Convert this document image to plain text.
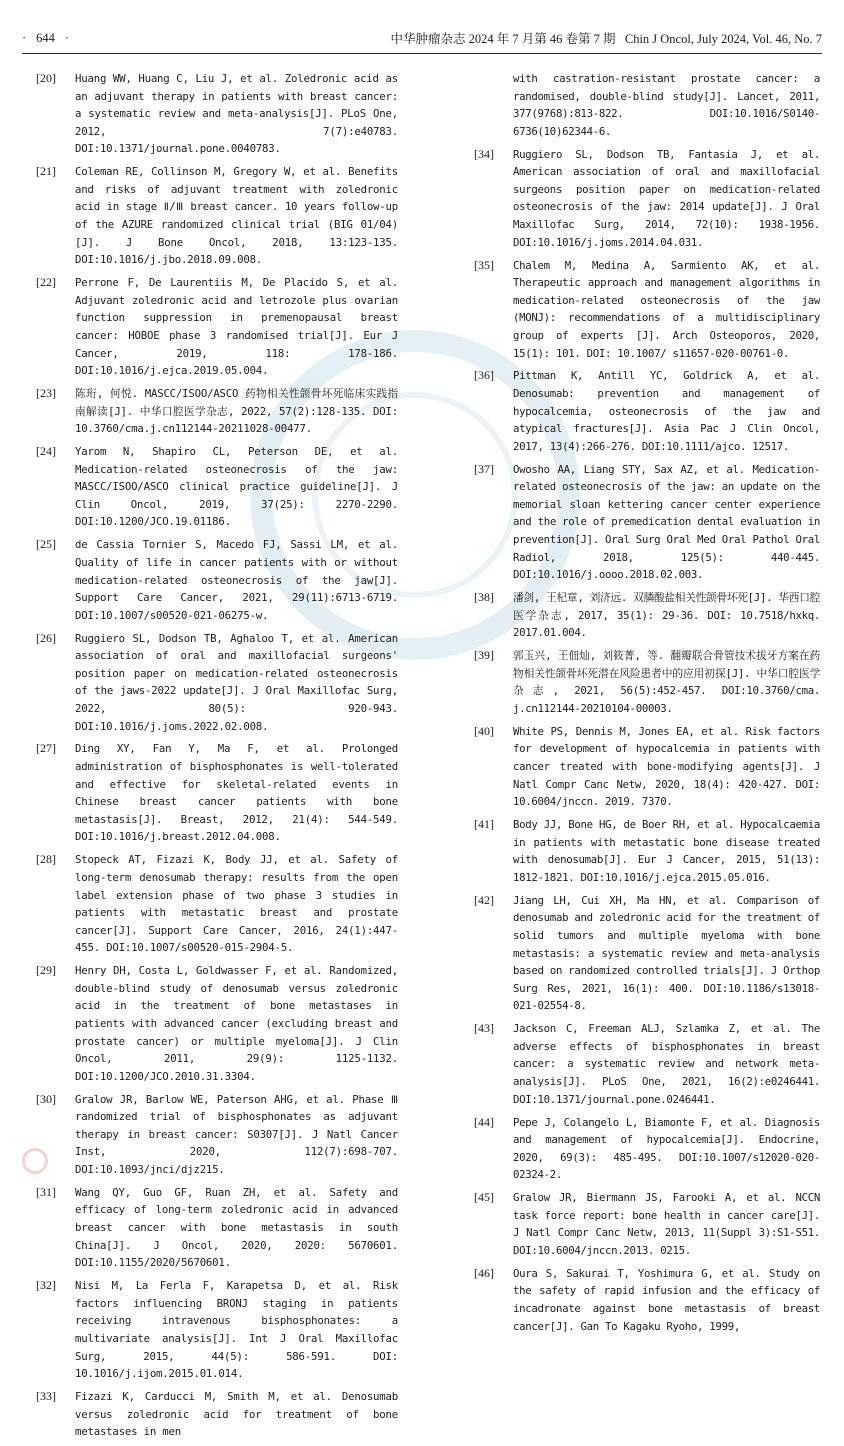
· 644 ·	中华肿瘤杂志 2024 年 7 月第 46 卷第 7 期 Chin J Oncol, July 2024, Vol. 46, No. 7
[20]	Huang WW, Huang C, Liu J, et al. Zoledronic acid as an adjuvant therapy in patients with breast cancer: a systematic review and meta-analysis[J]. PLoS One, 2012, 7(7):e40783. DOI:10.1371/journal.pone.0040783.
[21]	Coleman RE, Collinson M, Gregory W, et al. Benefits and risks of adjuvant treatment with zoledronic acid in stage Ⅱ/Ⅲ breast cancer. 10 years follow-up of the AZURE randomized clinical trial (BIG 01/04) [J]. J Bone Oncol, 2018, 13:123-135. DOI:10.1016/j.jbo.2018.09.008.
[22]	Perrone F, De Laurentiis M, De Placido S, et al. Adjuvant zoledronic acid and letrozole plus ovarian function suppression in premenopausal breast cancer: HOBOE phase 3 randomised trial[J]. Eur J Cancer, 2019, 118: 178-186. DOI:10.1016/j.ejca.2019.05.004.
[23]	陈珩, 何悦. MASCC/ISOO/ASCO 药物相关性颌骨坏死临床实践指南解读[J]. 中华口腔医学杂志, 2022, 57(2):128-135. DOI: 10.3760/cma.j.cn112144-20211028-00477.
[24]	Yarom N, Shapiro CL, Peterson DE, et al. Medication-related osteonecrosis of the jaw: MASCC/ISOO/ASCO clinical practice guideline[J]. J Clin Oncol, 2019, 37(25): 2270-2290. DOI:10.1200/JCO.19.01186.
[25]	de Cassia Tornier S, Macedo FJ, Sassi LM, et al. Quality of life in cancer patients with or without medication-related osteonecrosis of the jaw[J]. Support Care Cancer, 2021, 29(11):6713-6719. DOI:10.1007/s00520-021-06275-w.
[26]	Ruggiero SL, Dodson TB, Aghaloo T, et al. American association of oral and maxillofacial surgeons' position paper on medication-related osteonecrosis of the jaws-2022 update[J]. J Oral Maxillofac Surg, 2022, 80(5): 920-943. DOI:10.1016/j.joms.2022.02.008.
[27]	Ding XY, Fan Y, Ma F, et al. Prolonged administration of bisphosphonates is well-tolerated and effective for skeletal-related events in Chinese breast cancer patients with bone metastasis[J]. Breast, 2012, 21(4): 544-549. DOI:10.1016/j.breast.2012.04.008.
[28]	Stopeck AT, Fizazi K, Body JJ, et al. Safety of long-term denosumab therapy: results from the open label extension phase of two phase 3 studies in patients with metastatic breast and prostate cancer[J]. Support Care Cancer, 2016, 24(1):447-455. DOI:10.1007/s00520-015-2904-5.
[29]	Henry DH, Costa L, Goldwasser F, et al. Randomized, double-blind study of denosumab versus zoledronic acid in the treatment of bone metastases in patients with advanced cancer (excluding breast and prostate cancer) or multiple myeloma[J]. J Clin Oncol, 2011, 29(9): 1125-1132. DOI:10.1200/JCO.2010.31.3304.
[30]	Gralow JR, Barlow WE, Paterson AHG, et al. Phase Ⅲ randomized trial of bisphosphonates as adjuvant therapy in breast cancer: S0307[J]. J Natl Cancer Inst, 2020, 112(7):698-707. DOI:10.1093/jnci/djz215.
[31]	Wang QY, Guo GF, Ruan ZH, et al. Safety and efficacy of long-term zoledronic acid in advanced breast cancer with bone metastasis in south China[J]. J Oncol, 2020, 2020: 5670601. DOI:10.1155/2020/5670601.
[32]	Nisi M, La Ferla F, Karapetsa D, et al. Risk factors influencing BRONJ staging in patients receiving intravenous bisphosphonates: a multivariate analysis[J]. Int J Oral Maxillofac Surg, 2015, 44(5): 586-591. DOI: 10.1016/j.ijom.2015.01.014.
[33]	Fizazi K, Carducci M, Smith M, et al. Denosumab versus zoledronic acid for treatment of bone metastases in men
with castration-resistant prostate cancer: a randomised, double-blind study[J]. Lancet, 2011, 377(9768):813-822. DOI:10.1016/S0140-6736(10)62344-6.
[34]	Ruggiero SL, Dodson TB, Fantasia J, et al. American association of oral and maxillofacial surgeons position paper on medication-related osteonecrosis of the jaw: 2014 update[J]. J Oral Maxillofac Surg, 2014, 72(10): 1938-1956. DOI:10.1016/j.joms.2014.04.031.
[35]	Chalem M, Medina A, Sarmiento AK, et al. Therapeutic approach and management algorithms in medication-related osteonecrosis of the jaw (MONJ): recommendations of a multidisciplinary group of experts [J]. Arch Osteoporos, 2020, 15(1): 101. DOI: 10.1007/ s11657-020-00761-0.
[36]	Pittman K, Antill YC, Goldrick A, et al. Denosumab: prevention and management of hypocalcemia, osteonecrosis of the jaw and atypical fractures[J]. Asia Pac J Clin Oncol, 2017, 13(4):266-276. DOI:10.1111/ajco. 12517.
[37]	Owosho AA, Liang STY, Sax AZ, et al. Medication-related osteonecrosis of the jaw: an update on the memorial sloan kettering cancer center experience and the role of premedication dental evaluation in prevention[J]. Oral Surg Oral Med Oral Pathol Oral Radiol, 2018, 125(5): 440-445. DOI:10.1016/j.oooo.2018.02.003.
[38]	潘剑, 王杞章, 刘济远. 双膦酸盐相关性颌骨坏死[J]. 华西口腔医学杂志, 2017, 35(1): 29-36. DOI: 10.7518/hxkq. 2017.01.004.
[39]	郭玉兴, 王佃灿, 刘筱菁, 等. 翻瓣联合骨管技术拔牙方案在药物相关性颌骨坏死潜在风险患者中的应用初探[J]. 中华口腔医学杂志, 2021, 56(5):452-457. DOI:10.3760/cma. j.cn112144-20210104-00003.
[40]	White PS, Dennis M, Jones EA, et al. Risk factors for development of hypocalcemia in patients with cancer treated with bone-modifying agents[J]. J Natl Compr Canc Netw, 2020, 18(4): 420-427. DOI: 10.6004/jnccn. 2019. 7370.
[41]	Body JJ, Bone HG, de Boer RH, et al. Hypocalcaemia in patients with metastatic bone disease treated with denosumab[J]. Eur J Cancer, 2015, 51(13): 1812-1821. DOI:10.1016/j.ejca.2015.05.016.
[42]	Jiang LH, Cui XH, Ma HN, et al. Comparison of denosumab and zoledronic acid for the treatment of solid tumors and multiple myeloma with bone metastasis: a systematic review and meta-analysis based on randomized controlled trials[J]. J Orthop Surg Res, 2021, 16(1): 400. DOI:10.1186/s13018-021-02554-8.
[43]	Jackson C, Freeman ALJ, Szlamka Z, et al. The adverse effects of bisphosphonates in breast cancer: a systematic review and network meta-analysis[J]. PLoS One, 2021, 16(2):e0246441. DOI:10.1371/journal.pone.0246441.
[44]	Pepe J, Colangelo L, Biamonte F, et al. Diagnosis and management of hypocalcemia[J]. Endocrine, 2020, 69(3): 485-495. DOI:10.1007/s12020-020-02324-2.
[45]	Gralow JR, Biermann JS, Farooki A, et al. NCCN task force report: bone health in cancer care[J]. J Natl Compr Canc Netw, 2013, 11(Suppl 3):S1-S51. DOI:10.6004/jnccn.2013. 0215.
[46]	Oura S, Sakurai T, Yoshimura G, et al. Study on the safety of rapid infusion and the efficacy of incadronate against bone metastasis of breast cancer[J]. Gan To Kagaku Ryoho, 1999,
